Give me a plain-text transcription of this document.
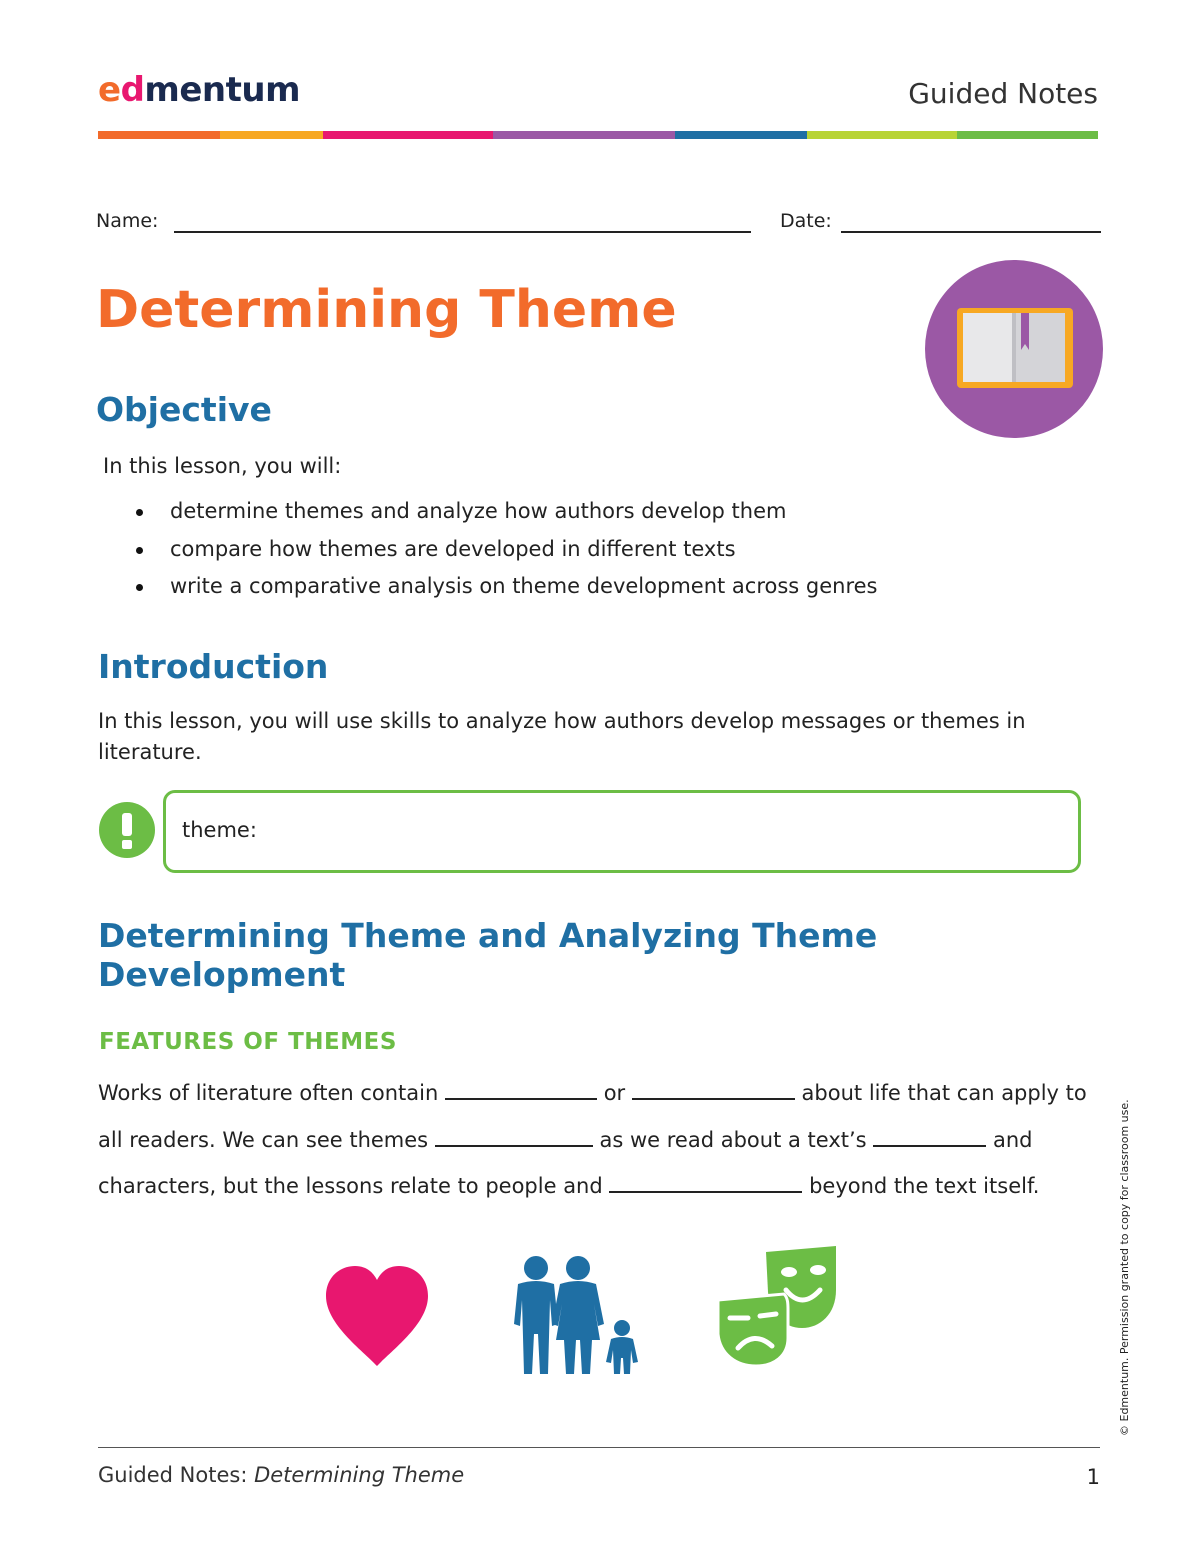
edmentum	Guided Notes
Name:	Date:
Determining Theme
Objective
In this lesson, you will:
determine themes and analyze how authors develop them
compare how themes are developed in different texts
write a comparative analysis on theme development across genres
Introduction
In this lesson, you will use skills to analyze how authors develop messages or themes in literature.
theme:
Determining Theme and Analyzing Theme
Development
FEATURES OF THEMES
Works of literature often contain	or	about life that can apply to
all readers. We can see themes	as we read about a text’s	and
characters, but the lessons relate to people and	beyond the text itself.	© Edmentum. Permission granted to copy for classroom use.
Guided Notes: Determining Theme	1
